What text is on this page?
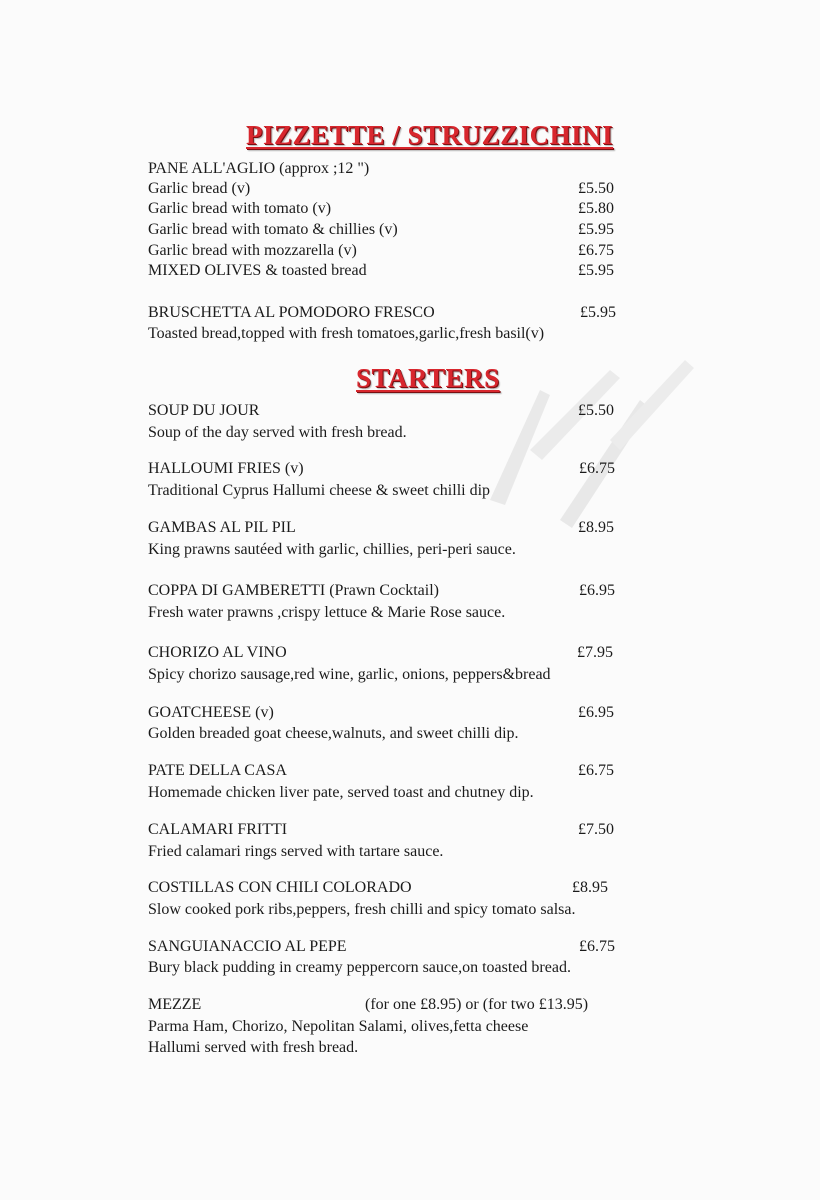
PIZZETTE / STRUZZICHINI
PANE ALL'AGLIO (approx ;12 ")
Garlic bread (v)	£5.50
Garlic bread with tomato (v)	£5.80
Garlic bread with tomato & chillies (v)	£5.95
Garlic bread with mozzarella (v)	£6.75
MIXED OLIVES & toasted bread	£5.95
BRUSCHETTA AL POMODORO FRESCO	£5.95
Toasted bread,topped with fresh tomatoes,garlic,fresh basil(v)
STARTERS
SOUP DU JOUR	£5.50
Soup of the day served with fresh bread.
HALLOUMI FRIES (v)	£6.75
Traditional Cyprus Hallumi cheese & sweet chilli dip
GAMBAS AL PIL PIL	£8.95
King prawns sautéed with garlic, chillies, peri-peri sauce.
COPPA DI GAMBERETTI (Prawn Cocktail)	£6.95
Fresh water prawns ,crispy lettuce & Marie Rose sauce.
CHORIZO AL VINO	£7.95
Spicy chorizo sausage,red wine, garlic, onions, peppers&bread
GOATCHEESE (v)	£6.95
Golden breaded goat cheese,walnuts, and sweet chilli dip.
PATE DELLA CASA	£6.75
Homemade chicken liver pate, served toast and chutney dip.
CALAMARI FRITTI	£7.50
Fried calamari rings served with tartare sauce.
COSTILLAS CON CHILI COLORADO	£8.95
Slow cooked pork ribs,peppers, fresh chilli and spicy tomato salsa.
SANGUIANACCIO AL PEPE	£6.75
Bury black pudding in creamy peppercorn sauce,on toasted bread.
MEZZE	(for one £8.95) or (for two £13.95)
Parma Ham, Chorizo, Nepolitan Salami, olives,fetta cheese
Hallumi served with fresh bread.
